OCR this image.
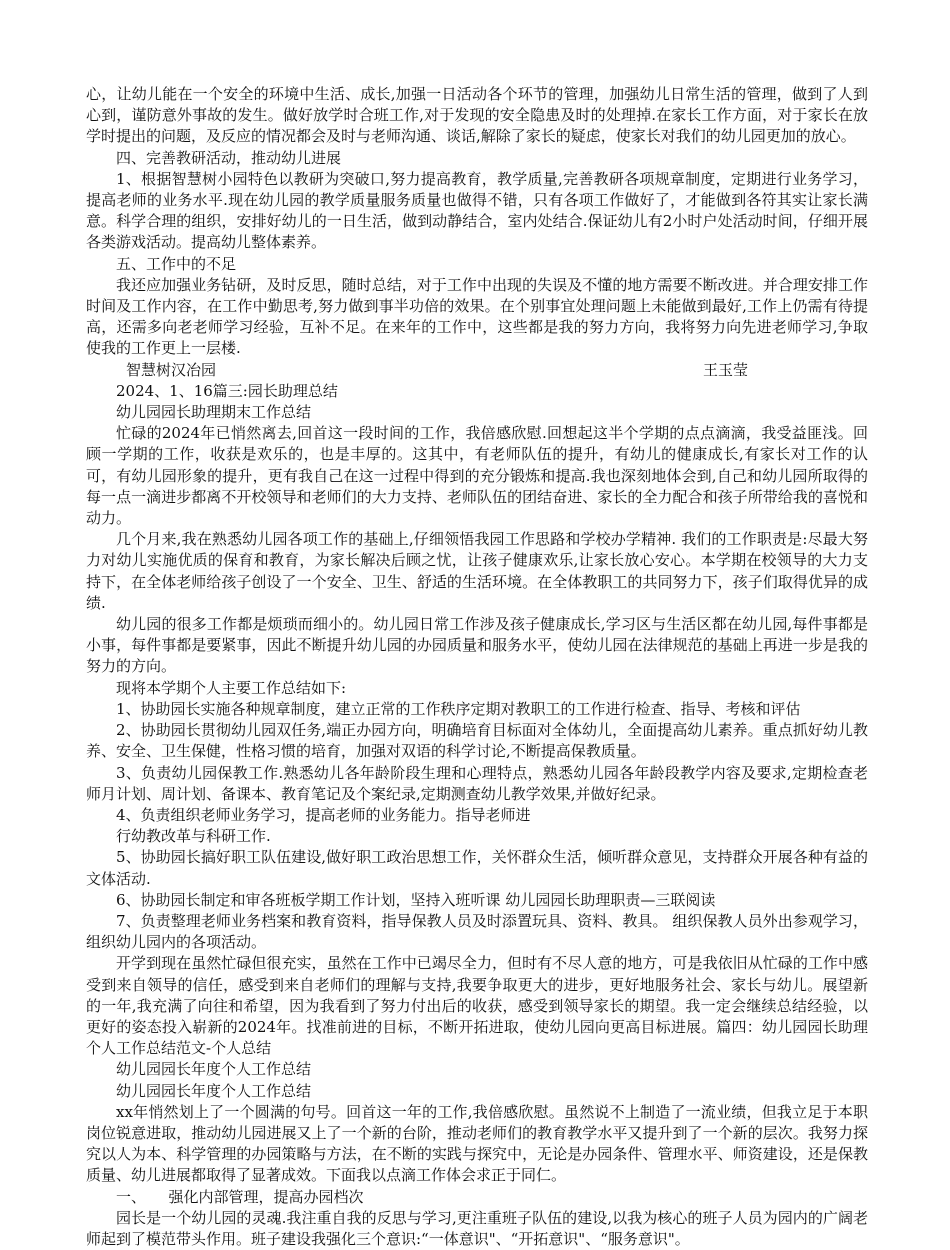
心，让幼儿能在一个安全的环境中生活、成长,加强一日活动各个环节的管理，加强幼儿日常生活的管理，做到了人到心到，谨防意外事故的发生。做好放学时合班工作,对于发现的安全隐患及时的处理掉.在家长工作方面，对于家长在放学时提出的问题，及反应的情况都会及时与老师沟通、谈话,解除了家长的疑虑，使家长对我们的幼儿园更加的放心。

四、完善教研活动，推动幼儿进展

1、根据智慧树小园特色以教研为突破口,努力提高教育，教学质量,完善教研各项规章制度，定期进行业务学习，提高老师的业务水平.现在幼儿园的教学质量服务质量也做得不错，只有各项工作做好了，才能做到各符其实让家长满意。科学合理的组织，安排好幼儿的一日生活，做到动静结合，室内处结合.保证幼儿有2小时户处活动时间，仔细开展各类游戏活动。提高幼儿整体素养。

五、工作中的不足

我还应加强业务钻研，及时反思，随时总结，对于工作中出现的失误及不懂的地方需要不断改进。并合理安排工作时间及工作内容，在工作中勤思考,努力做到事半功倍的效果。在个别事宜处理问题上未能做到最好,工作上仍需有待提高，还需多向老老师学习经验，互补不足。在来年的工作中，这些都是我的努力方向，我将努力向先进老师学习,争取使我的工作更上一层楼.

智慧树汉冶园	王玉莹

2024、1、16篇三:园长助理总结

幼儿园园长助理期末工作总结

忙碌的2024年已悄然离去,回首这一段时间的工作，我倍感欣慰.回想起这半个学期的点点滴滴，我受益匪浅。回顾一学期的工作，收获是欢乐的，也是丰厚的。这其中，有老师队伍的提升，有幼儿的健康成长,有家长对工作的认可，有幼儿园形象的提升，更有我自己在这一过程中得到的充分锻炼和提高.我也深刻地体会到,自己和幼儿园所取得的每一点一滴进步都离不开校领导和老师们的大力支持、老师队伍的团结奋进、家长的全力配合和孩子所带给我的喜悦和动力。

几个月来,我在熟悉幼儿园各项工作的基础上,仔细领悟我园工作思路和学校办学精神. 我们的工作职责是:尽最大努力对幼儿实施优质的保育和教育，为家长解决后顾之忧，让孩子健康欢乐,让家长放心安心。本学期在校领导的大力支持下，在全体老师给孩子创设了一个安全、卫生、舒适的生活环境。在全体教职工的共同努力下，孩子们取得优异的成绩.

幼儿园的很多工作都是烦琐而细小的。幼儿园日常工作涉及孩子健康成长,学习区与生活区都在幼儿园,每件事都是小事，每件事都是要紧事，因此不断提升幼儿园的办园质量和服务水平，使幼儿园在法律规范的基础上再进一步是我的努力的方向。

现将本学期个人主要工作总结如下:

1、协助园长实施各种规章制度，建立正常的工作秩序定期对教职工的工作进行检查、指导、考核和评估

2、协助园长贯彻幼儿园双任务,端正办园方向，明确培育目标面对全体幼儿，全面提高幼儿素养。重点抓好幼儿教养、安全、卫生保健，性格习惯的培育，加强对双语的科学讨论,不断提高保教质量。

3、负责幼儿园保教工作.熟悉幼儿各年龄阶段生理和心理特点，熟悉幼儿园各年龄段教学内容及要求,定期检查老师月计划、周计划、备课本、教育笔记及个案纪录,定期测查幼儿教学效果,并做好纪录。

4、负责组织老师业务学习，提高老师的业务能力。指导老师进

行幼教改革与科研工作.

5、协助园长搞好职工队伍建设,做好职工政治思想工作，关怀群众生活，倾听群众意见，支持群众开展各种有益的文体活动.

6、协助园长制定和审各班板学期工作计划，坚持入班听课 幼儿园园长助理职责—三联阅读

7、负责整理老师业务档案和教育资料，指导保教人员及时添置玩具、资料、教具。 组织保教人员外出参观学习，组织幼儿园内的各项活动。

开学到现在虽然忙碌但很充实，虽然在工作中已竭尽全力，但时有不尽人意的地方，可是我依旧从忙碌的工作中感受到来自领导的信任，感受到来自老师们的理解与支持,我要争取更大的进步，更好地服务社会、家长与幼儿。展望新的一年,我充满了向往和希望，因为我看到了努力付出后的收获，感受到领导家长的期望。我一定会继续总结经验，以更好的姿态投入崭新的2024年。找准前进的目标，不断开拓进取，使幼儿园向更高目标进展。篇四：幼儿园园长助理个人工作总结范文-个人总结

幼儿园园长年度个人工作总结

幼儿园园长年度个人工作总结

xx年悄然划上了一个圆满的句号。回首这一年的工作,我倍感欣慰。虽然说不上制造了一流业绩，但我立足于本职岗位锐意进取，推动幼儿园进展又上了一个新的台阶，推动老师们的教育教学水平又提升到了一个新的层次。我努力探究以人为本、科学管理的办园策略与方法，在不断的实践与探究中，无论是办园条件、管理水平、师资建设，还是保教质量、幼儿进展都取得了显著成效。下面我以点滴工作体会求正于同仁。

一、　　强化内部管理，提高办园档次

园长是一个幼儿园的灵魂.我注重自我的反思与学习,更注重班子队伍的建设,以我为核心的班子人员为园内的广阔老师起到了模范带头作用。班子建设我强化三个意识:“一体意识"、“开拓意识"、“服务意识"。
